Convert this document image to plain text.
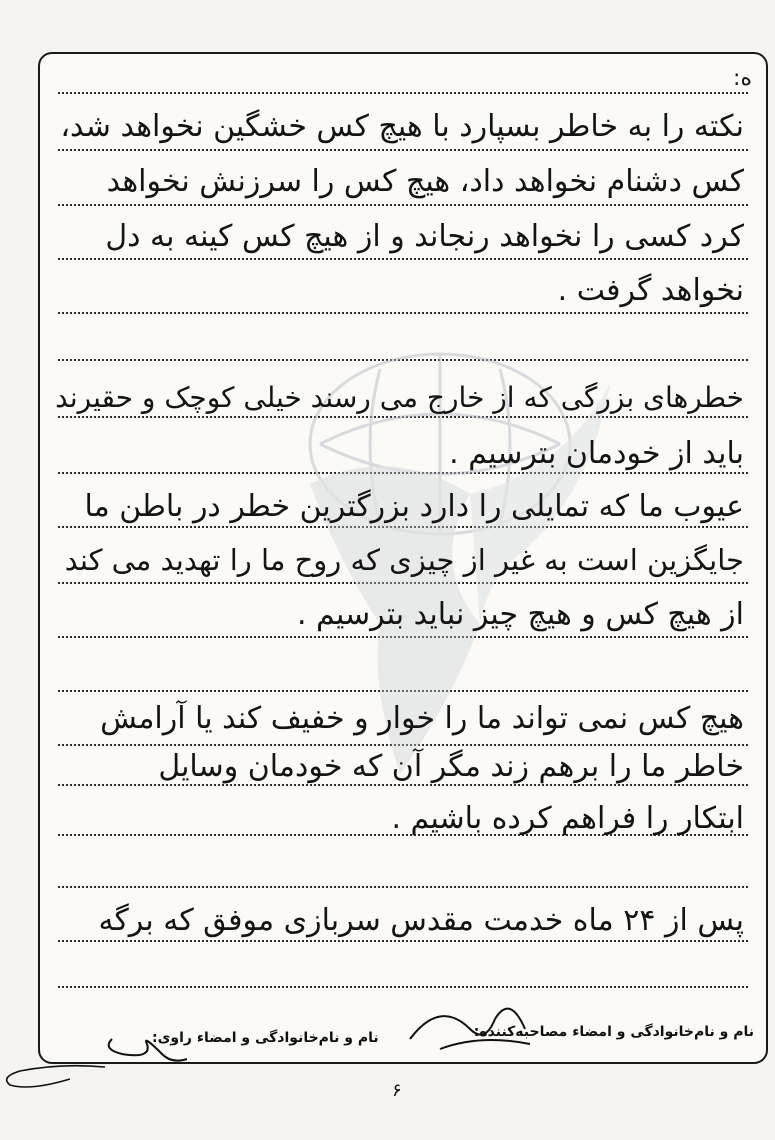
ه:
نکته را به خاطر بسپارد با هیچ کس خشگین نخواهد شد،
کس دشنام نخواهد داد، هیچ کس را سرزنش نخواهد
کرد کسی را نخواهد رنجاند و از هیچ کس کینه به دل
نخواهد گرفت .
خطرهای بزرگی که از خارج می رسند خیلی کوچک و حقیرند
باید از خودمان بترسیم .
عیوب ما که تمایلی را دارد بزرگترین خطر در باطن ما
جایگزین است به غیر از چیزی که روح ما را تهدید می کند
از هیچ کس و هیچ چیز نباید بترسیم .
هیچ کس نمی تواند ما را خوار و خفیف کند یا آرامش
خاطر ما را برهم زند مگر آن که خودمان وسایل
ابتکار را فراهم کرده باشیم .
پس از ۲۴ ماه خدمت مقدس سربازی موفق که برگه
نام و نام‌خانوادگی و امضاء مصاحبه‌کننده:
نام و نام‌خانوادگی و امضاء راوی:
۶
